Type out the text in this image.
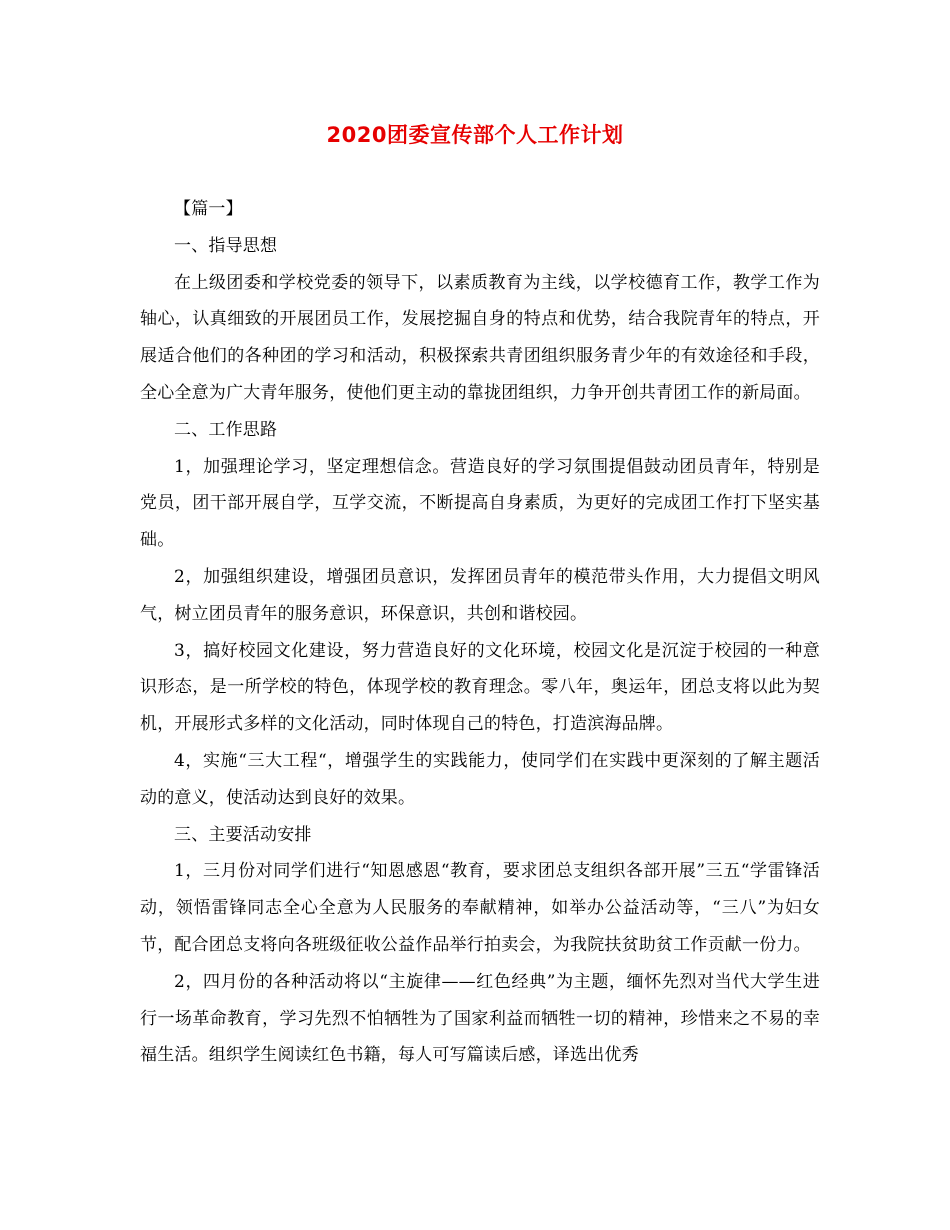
2020团委宣传部个人工作计划

【篇一】

一、指导思想

在上级团委和学校党委的领导下，以素质教育为主线，以学校德育工作，教学工作为轴心，认真细致的开展团员工作，发展挖掘自身的特点和优势，结合我院青年的特点，开展适合他们的各种团的学习和活动，积极探索共青团组织服务青少年的有效途径和手段，全心全意为广大青年服务，使他们更主动的靠拢团组织，力争开创共青团工作的新局面。

二、工作思路

1，加强理论学习，坚定理想信念。营造良好的学习氛围提倡鼓动团员青年，特别是党员，团干部开展自学，互学交流，不断提高自身素质，为更好的完成团工作打下坚实基础。

2，加强组织建设，增强团员意识，发挥团员青年的模范带头作用，大力提倡文明风气，树立团员青年的服务意识，环保意识，共创和谐校园。

3，搞好校园文化建设，努力营造良好的文化环境，校园文化是沉淀于校园的一种意识形态，是一所学校的特色，体现学校的教育理念。零八年，奥运年，团总支将以此为契机，开展形式多样的文化活动，同时体现自己的特色，打造滨海品牌。

4，实施“三大工程“，增强学生的实践能力，使同学们在实践中更深刻的了解主题活动的意义，使活动达到良好的效果。

三、主要活动安排

1，三月份对同学们进行“知恩感恩“教育，要求团总支组织各部开展”三五“学雷锋活动，领悟雷锋同志全心全意为人民服务的奉献精神，如举办公益活动等，“三八”为妇女节，配合团总支将向各班级征收公益作品举行拍卖会，为我院扶贫助贫工作贡献一份力。

2，四月份的各种活动将以“主旋律——红色经典”为主题，缅怀先烈对当代大学生进行一场革命教育，学习先烈不怕牺牲为了国家利益而牺牲一切的精神，珍惜来之不易的幸福生活。组织学生阅读红色书籍，每人可写篇读后感，译选出优秀
